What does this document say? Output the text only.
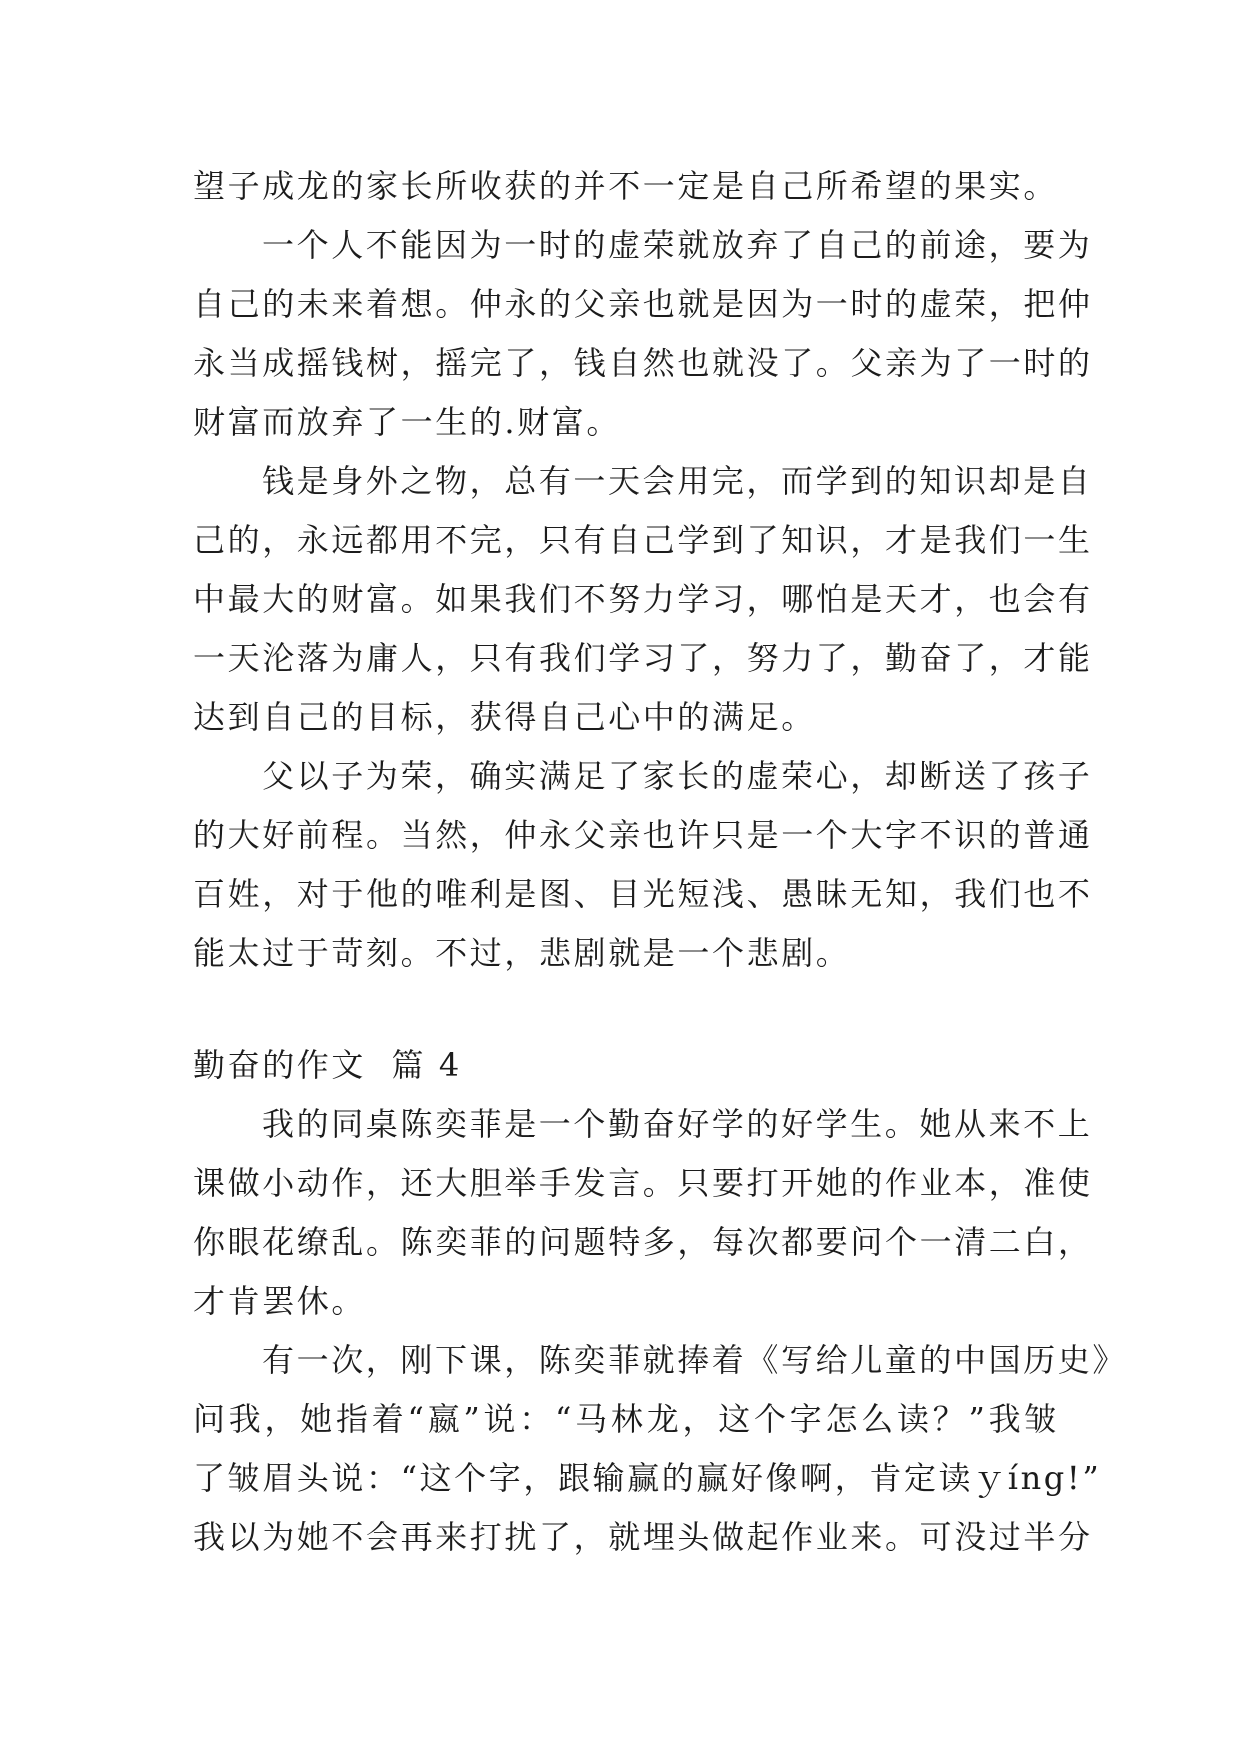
望子成龙的家长所收获的并不一定是自己所希望的果实。
一个人不能因为一时的虚荣就放弃了自己的前途，要为
自己的未来着想。仲永的父亲也就是因为一时的虚荣，把仲
永当成摇钱树，摇完了，钱自然也就没了。父亲为了一时的
财富而放弃了一生的.财富。
钱是身外之物，总有一天会用完，而学到的知识却是自
己的，永远都用不完，只有自己学到了知识，才是我们一生
中最大的财富。如果我们不努力学习，哪怕是天才，也会有
一天沦落为庸人，只有我们学习了，努力了，勤奋了，才能
达到自己的目标，获得自己心中的满足。
父以子为荣，确实满足了家长的虚荣心，却断送了孩子
的大好前程。当然，仲永父亲也许只是一个大字不识的普通
百姓，对于他的唯利是图、目光短浅、愚昧无知，我们也不
能太过于苛刻。不过，悲剧就是一个悲剧。
勤奋的作文  篇 4
我的同桌陈奕菲是一个勤奋好学的好学生。她从来不上
课做小动作，还大胆举手发言。只要打开她的作业本，准使
你眼花缭乱。陈奕菲的问题特多，每次都要问个一清二白，
才肯罢休。
有一次，刚下课，陈奕菲就捧着《写给儿童的中国历史》
问我，她指着“嬴”说：“马林龙，这个字怎么读？”我皱
了皱眉头说：“这个字，跟输赢的赢好像啊，肯定读ｙíng!”
我以为她不会再来打扰了，就埋头做起作业来。可没过半分
